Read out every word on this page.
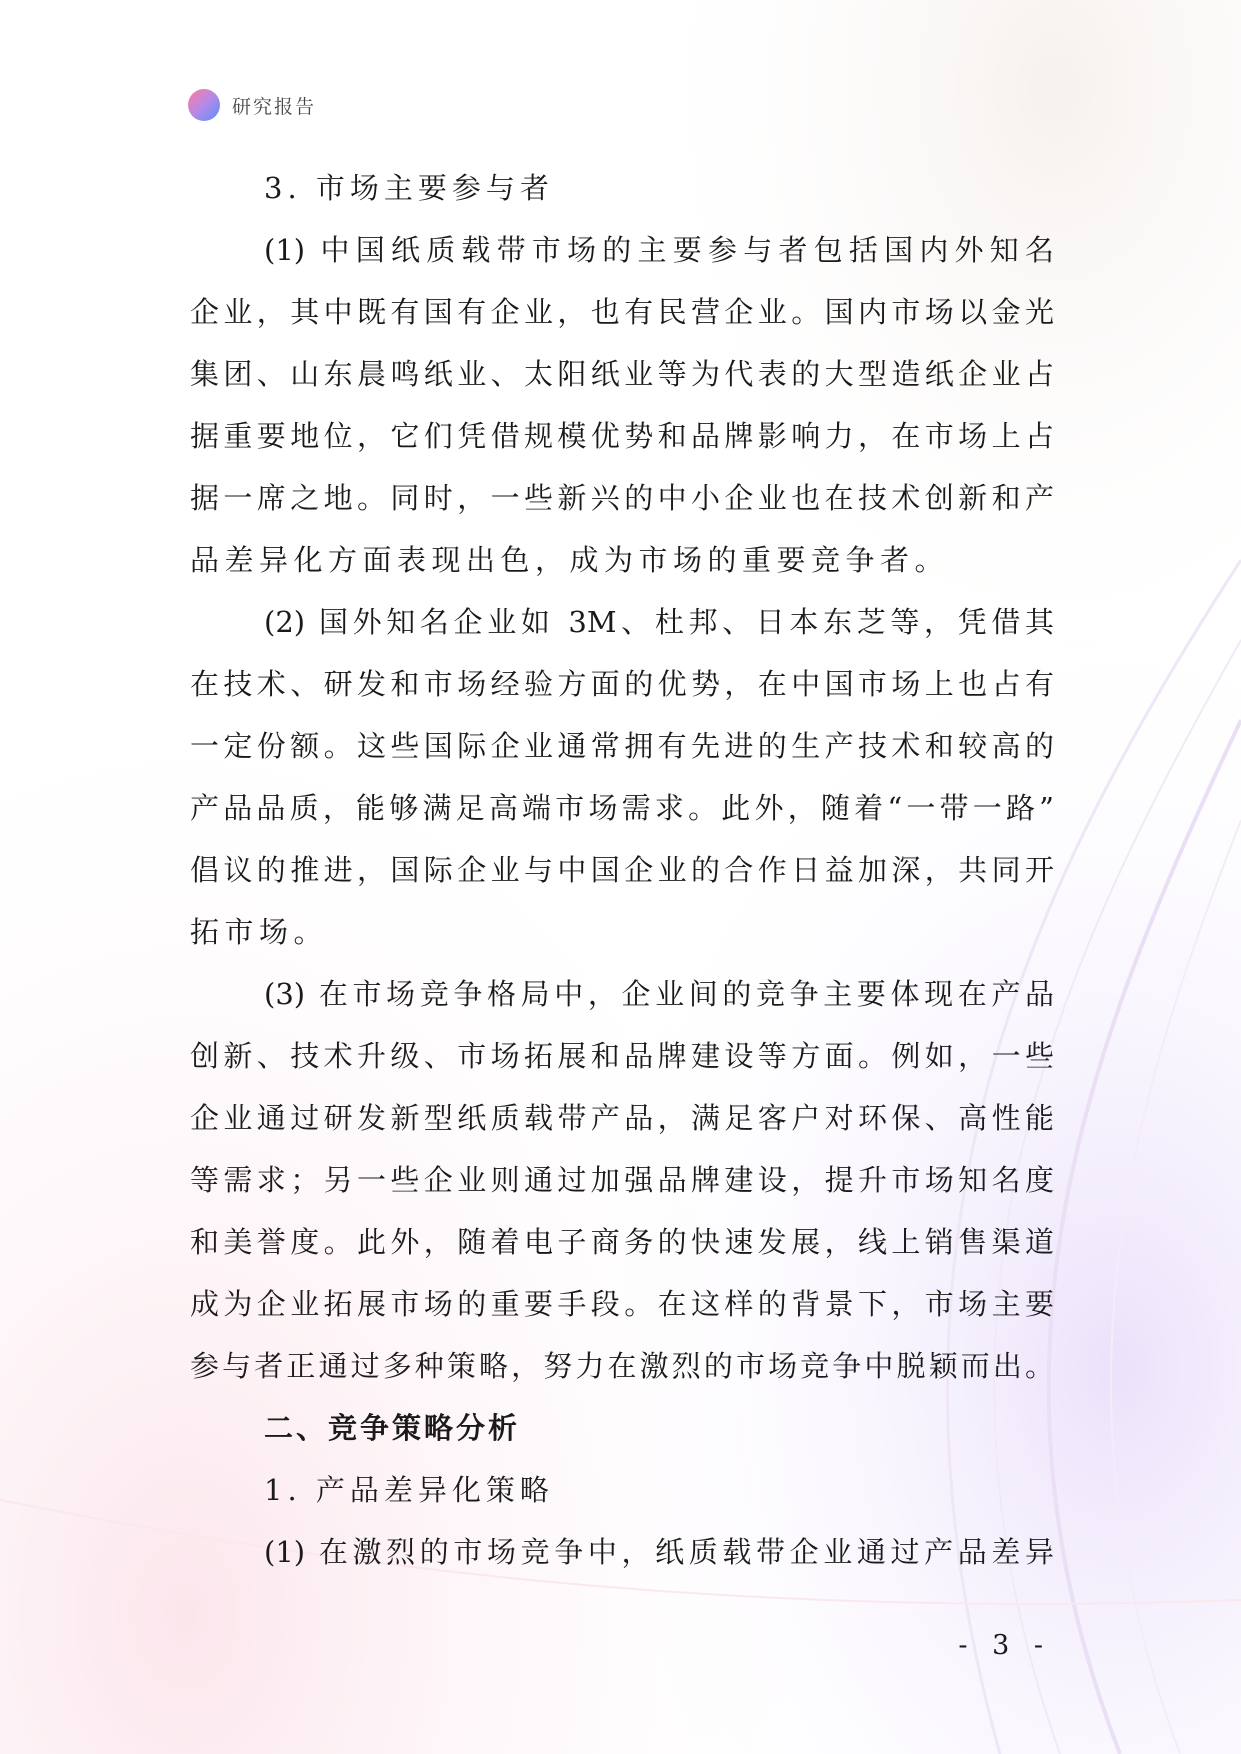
研究报告
3. 市场主要参与者
(1) 中国纸质载带市场的主要参与者包括国内外知名
企业，其中既有国有企业，也有民营企业。国内市场以金光
集团、山东晨鸣纸业、太阳纸业等为代表的大型造纸企业占
据重要地位，它们凭借规模优势和品牌影响力，在市场上占
据一席之地。同时，一些新兴的中小企业也在技术创新和产
品差异化方面表现出色，成为市场的重要竞争者。
(2) 国外知名企业如 3M、杜邦、日本东芝等，凭借其
在技术、研发和市场经验方面的优势，在中国市场上也占有
一定份额。这些国际企业通常拥有先进的生产技术和较高的
产品品质，能够满足高端市场需求。此外，随着“一带一路”
倡议的推进，国际企业与中国企业的合作日益加深，共同开
拓市场。
(3) 在市场竞争格局中，企业间的竞争主要体现在产品
创新、技术升级、市场拓展和品牌建设等方面。例如，一些
企业通过研发新型纸质载带产品，满足客户对环保、高性能
等需求；另一些企业则通过加强品牌建设，提升市场知名度
和美誉度。此外，随着电子商务的快速发展，线上销售渠道
成为企业拓展市场的重要手段。在这样的背景下，市场主要
参与者正通过多种策略，努力在激烈的市场竞争中脱颖而出。
二、竞争策略分析
1. 产品差异化策略
(1) 在激烈的市场竞争中，纸质载带企业通过产品差异
- 3 -
